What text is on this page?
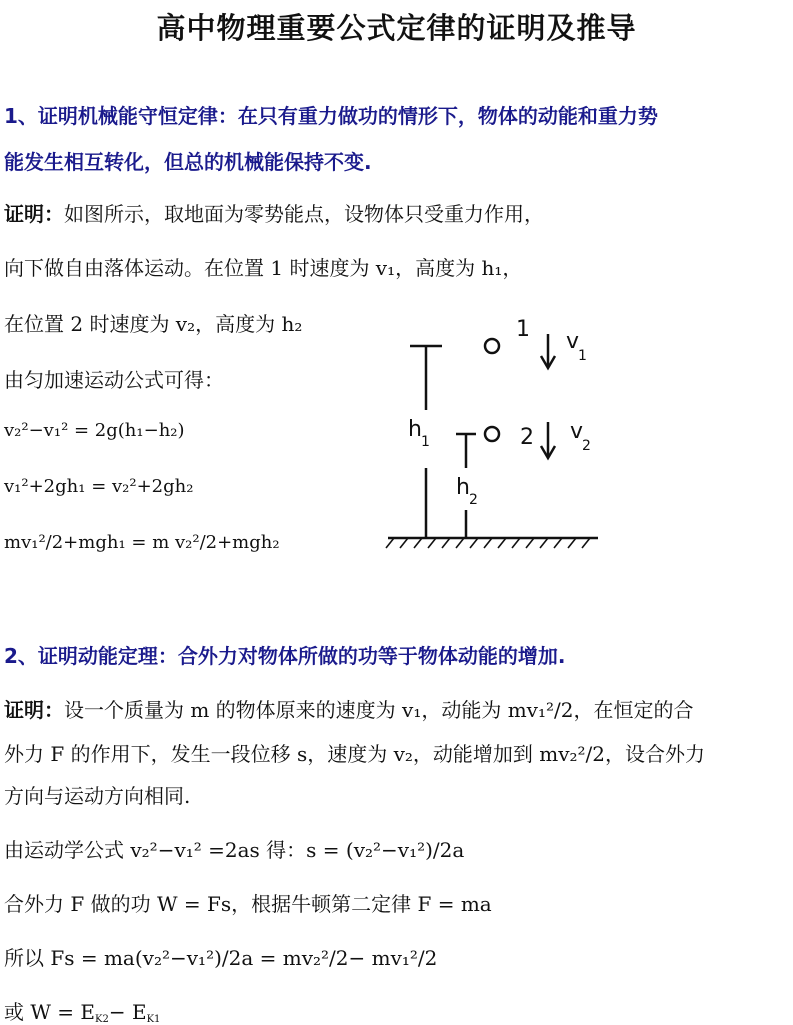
高中物理重要公式定律的证明及推导
1、证明机械能守恒定律：在只有重力做功的情形下，物体的动能和重力势
能发生相互转化，但总的机械能保持不变.
证明：如图所示，取地面为零势能点，设物体只受重力作用，
向下做自由落体运动。在位置 1 时速度为 v₁，高度为 h₁，
在位置 2 时速度为 v₂，高度为 h₂
由匀加速运动公式可得：
v₂²−v₁² = 2g(h₁−h₂)
v₁²+2gh₁ = v₂²+2gh₂
mv₁²/2+mgh₁ = m v₂²/2+mgh₂
1 v
1
2 v
2
h 1
h 2
2、证明动能定理：合外力对物体所做的功等于物体动能的增加.
证明：设一个质量为 m 的物体原来的速度为 v₁，动能为 mv₁²/2，在恒定的合
外力 F 的作用下，发生一段位移 s，速度为 v₂，动能增加到 mv₂²/2，设合外力
方向与运动方向相同.
由运动学公式 v₂²−v₁² =2as 得：s = (v₂²−v₁²)/2a
合外力 F 做的功 W = Fs，根据牛顿第二定律 F = ma
所以 Fs = ma(v₂²−v₁²)/2a = mv₂²/2− mv₁²/2
或 $W = E_{K2}- E_{K1}$
